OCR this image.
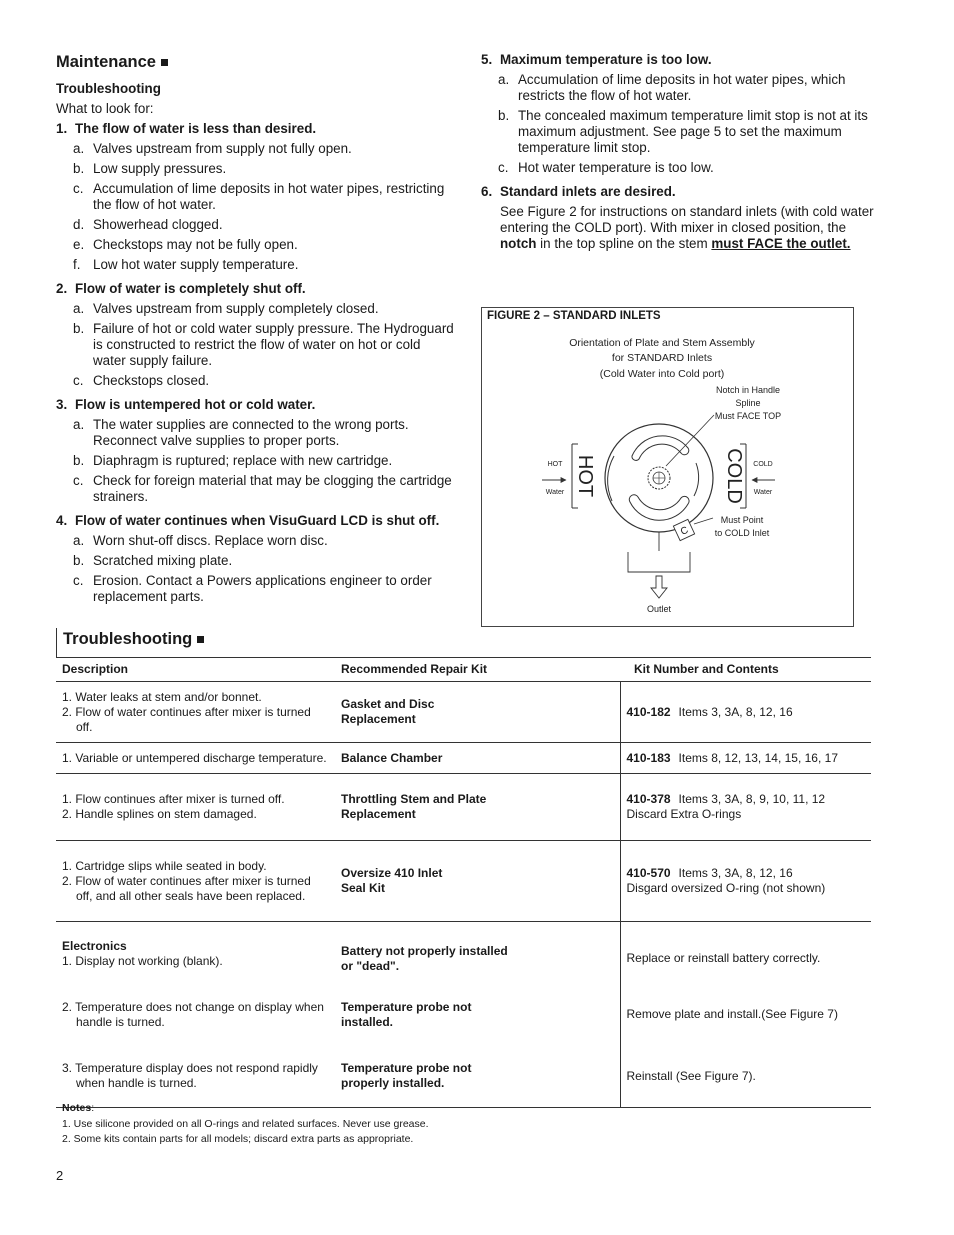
Maintenance
Troubleshooting
What to look for:
1. The flow of water is less than desired.
a. Valves upstream from supply not fully open.
b. Low supply pressures.
c. Accumulation of lime deposits in hot water pipes, restricting the flow of hot water.
d. Showerhead clogged.
e. Checkstops may not be fully open.
f. Low hot water supply temperature.
2. Flow of water is completely shut off.
a. Valves upstream from supply completely closed.
b. Failure of hot or cold water supply pressure. The Hydroguard is constructed to restrict the flow of water on hot or cold water supply failure.
c. Checkstops closed.
3. Flow is untempered hot or cold water.
a. The water supplies are connected to the wrong ports. Reconnect valve supplies to proper ports.
b. Diaphragm is ruptured; replace with new cartridge.
c. Check for foreign material that may be clogging the cartridge strainers.
4. Flow of water continues when VisuGuard LCD is shut off.
a. Worn shut-off discs. Replace worn disc.
b. Scratched mixing plate.
c. Erosion. Contact a Powers applications engineer to order replacement parts.
5. Maximum temperature is too low.
a. Accumulation of lime deposits in hot water pipes, which restricts the flow of hot water.
b. The concealed maximum temperature limit stop is not at its maximum adjustment. See page 5 to set the maximum temperature limit stop.
c. Hot water temperature is too low.
6. Standard inlets are desired.
See Figure 2 for instructions on standard inlets (with cold water entering the COLD port). With mixer in closed position, the notch in the top spline on the stem must FACE the outlet.
FIGURE 2 – STANDARD INLETS
Orientation of Plate and Stem Assembly
for STANDARD Inlets
(Cold Water into Cold port)
Notch in Handle
Spline
Must FACE TOP
HOT
Water
COLD
Water
Must Point
to COLD Inlet
Outlet
HOT	COLD
C
Troubleshooting
Description	Recommended Repair Kit	Kit Number and Contents

1. Water leaks at stem and/or bonnet.
2. Flow of water continues after mixer is turned off.	Gasket and Disc
Replacement	410-182 Items 3, 3A, 8, 12, 16

1. Variable or untempered discharge temperature.	Balance Chamber	410-183 Items 8, 12, 13, 14, 15, 16, 17

1. Flow continues after mixer is turned off.
2. Handle splines on stem damaged.	Throttling Stem and Plate
Replacement	410-378 Items 3, 3A, 8, 9, 10, 11, 12
Discard Extra O-rings

1. Cartridge slips while seated in body.
2. Flow of water continues after mixer is turned off, and all other seals have been replaced.	Oversize 410 Inlet
Seal Kit	410-570 Items 3, 3A, 8, 12, 16
Disgard oversized O-ring (not shown)

Electronics
1. Display not working (blank).	Battery not properly installed
or "dead".	Replace or reinstall battery correctly.

2. Temperature does not change on display when handle is turned.	Temperature probe not
installed.	Remove plate and install.(See Figure 7)

3. Temperature display does not respond rapidly when handle is turned.	Temperature probe not
properly installed.	Reinstall (See Figure 7).
Notes:
1. Use silicone provided on all O-rings and related surfaces. Never use grease.
2. Some kits contain parts for all models; discard extra parts as appropriate.
2
